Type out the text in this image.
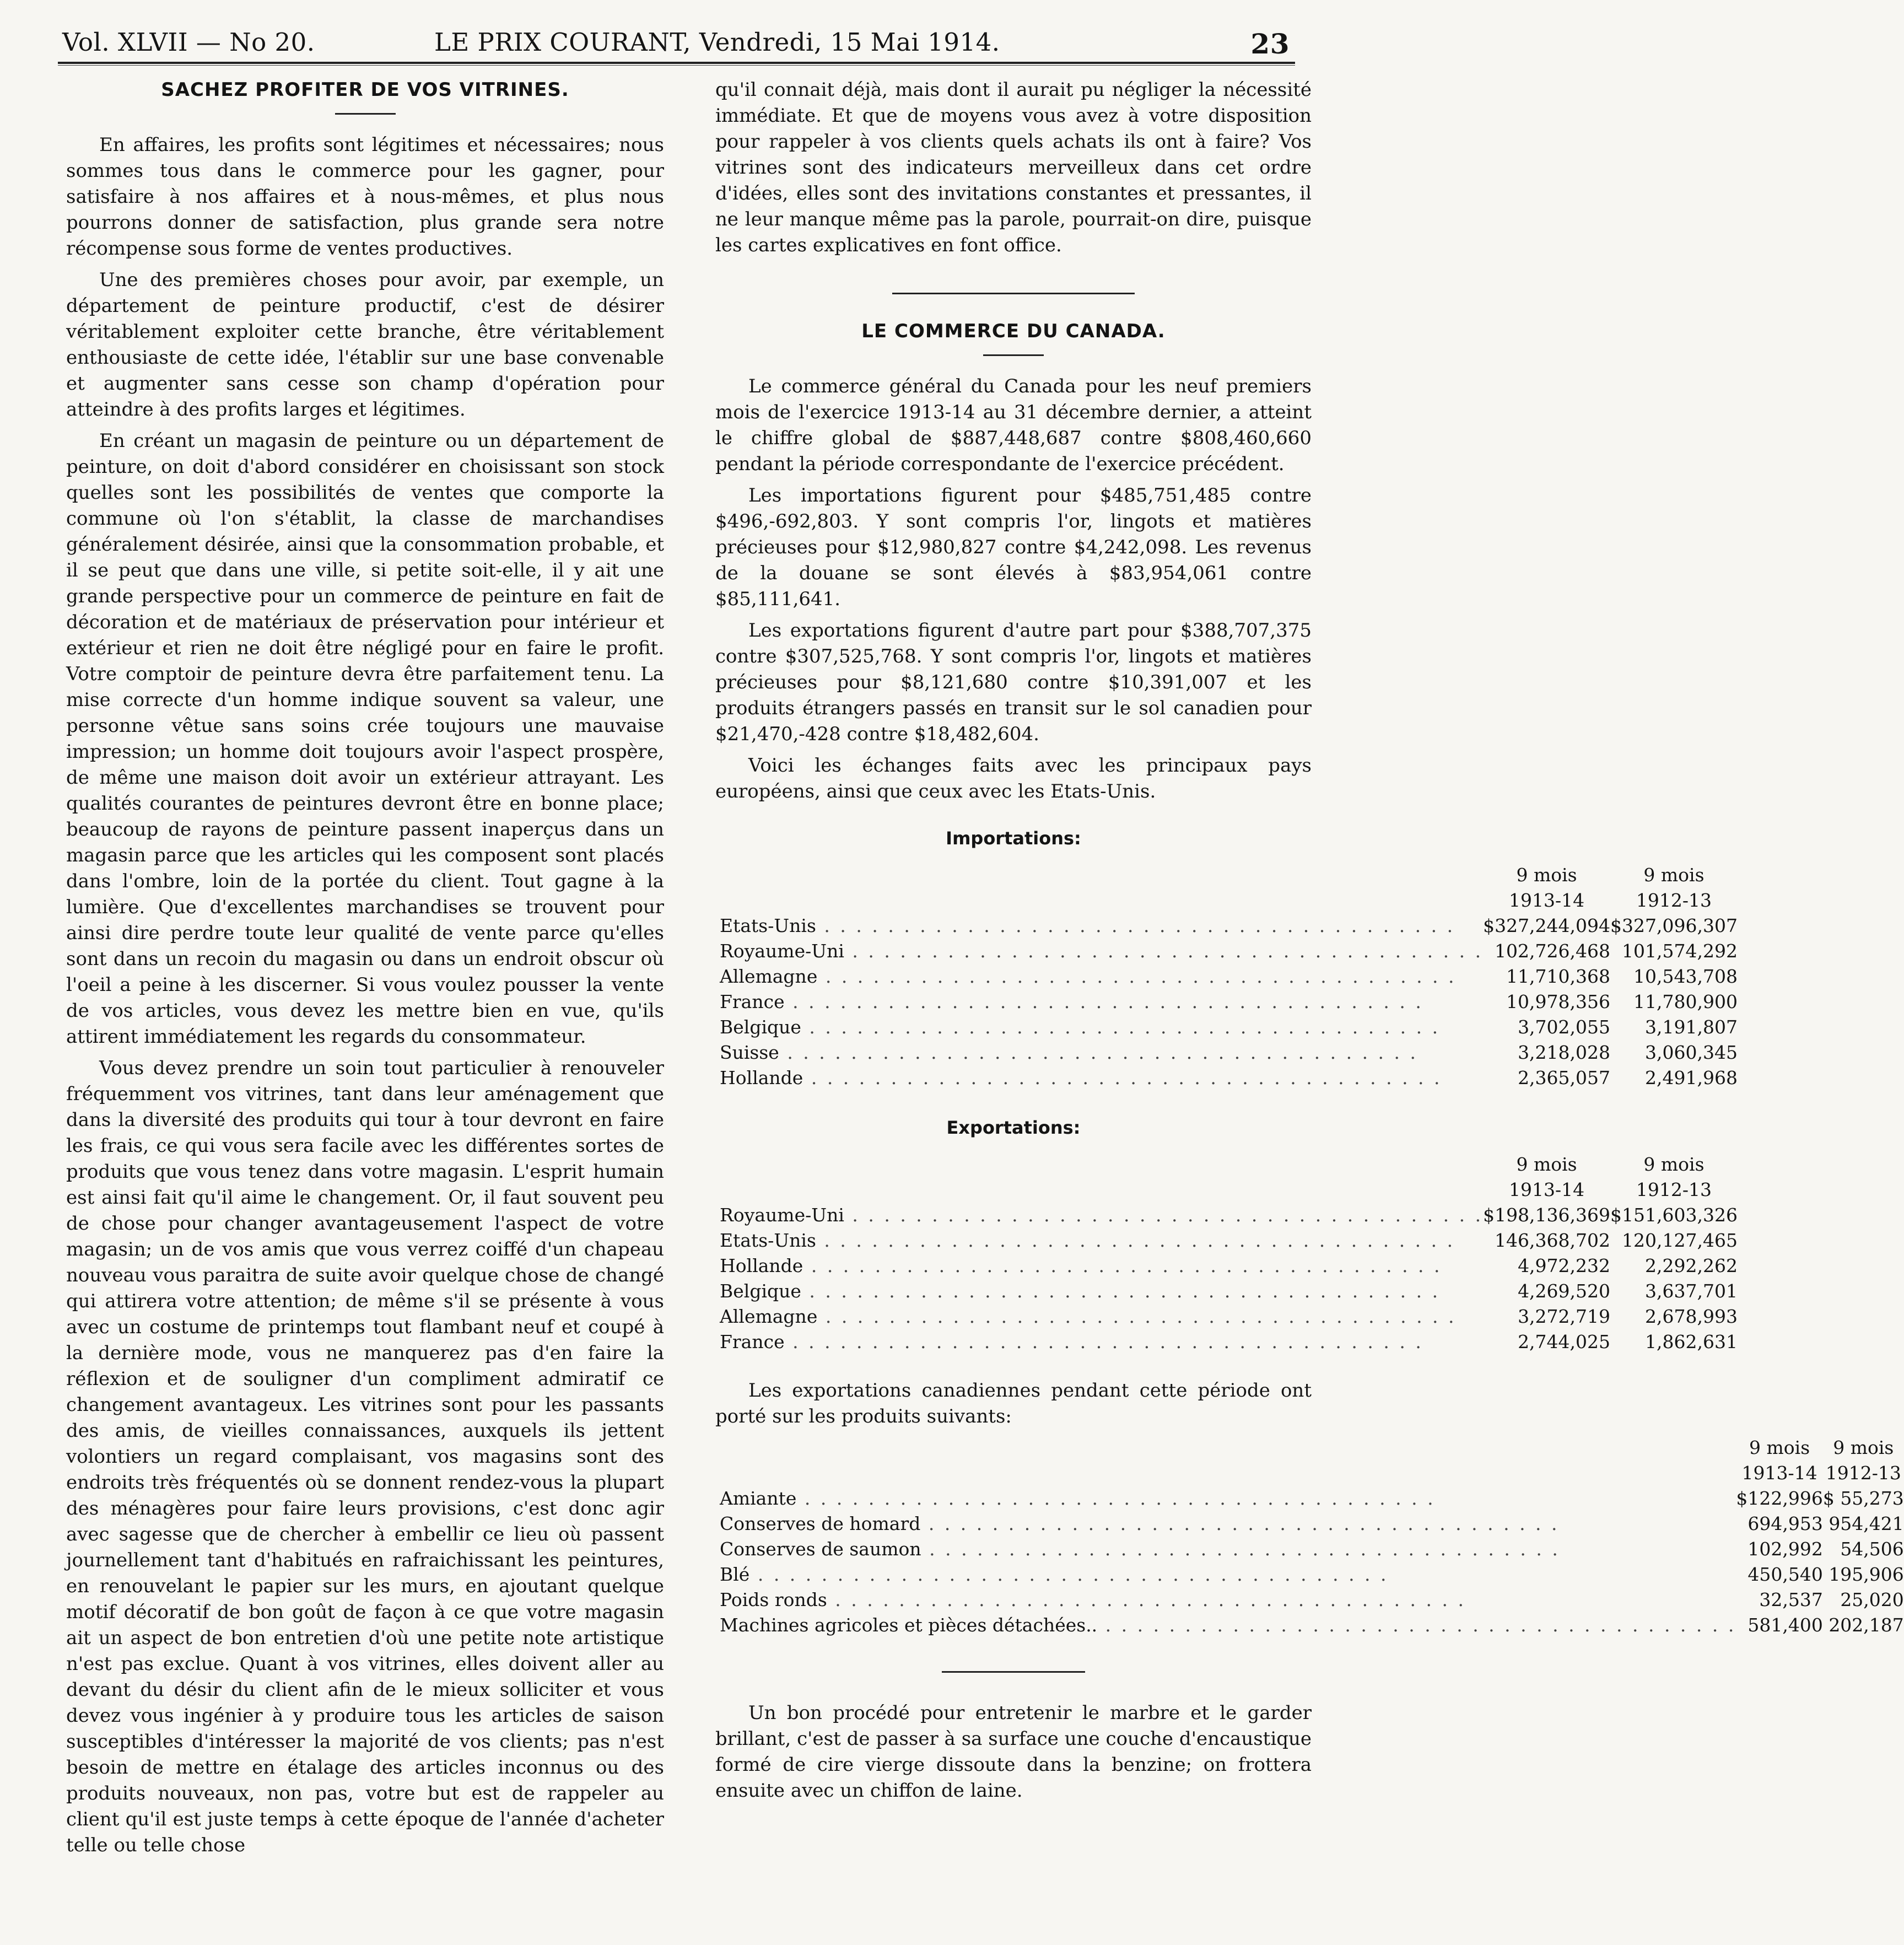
Vol. XLVII — No 20.	LE PRIX COURANT, Vendredi, 15 Mai 1914.	23
SACHEZ PROFITER DE VOS VITRINES.

En affaires, les profits sont légitimes et nécessaires; nous sommes tous dans le commerce pour les gagner, pour satisfaire à nos affaires et à nous-mêmes, et plus nous pourrons donner de satisfaction, plus grande sera notre récompense sous forme de ventes productives.

Une des premières choses pour avoir, par exemple, un département de peinture productif, c'est de désirer véritablement exploiter cette branche, être véritablement enthousiaste de cette idée, l'établir sur une base convenable et augmenter sans cesse son champ d'opération pour atteindre à des profits larges et légitimes.

En créant un magasin de peinture ou un département de peinture, on doit d'abord considérer en choisissant son stock quelles sont les possibilités de ventes que comporte la commune où l'on s'établit, la classe de marchandises généralement désirée, ainsi que la consommation probable, et il se peut que dans une ville, si petite soit-elle, il y ait une grande perspective pour un commerce de peinture en fait de décoration et de matériaux de préservation pour intérieur et extérieur et rien ne doit être négligé pour en faire le profit. Votre comptoir de peinture devra être parfaitement tenu. La mise correcte d'un homme indique souvent sa valeur, une personne vêtue sans soins crée toujours une mauvaise impression; un homme doit toujours avoir l'aspect prospère, de même une maison doit avoir un extérieur attrayant. Les qualités courantes de peintures devront être en bonne place; beaucoup de rayons de peinture passent inaperçus dans un magasin parce que les articles qui les composent sont placés dans l'ombre, loin de la portée du client. Tout gagne à la lumière. Que d'excellentes marchandises se trouvent pour ainsi dire perdre toute leur qualité de vente parce qu'elles sont dans un recoin du magasin ou dans un endroit obscur où l'oeil a peine à les discerner. Si vous voulez pousser la vente de vos articles, vous devez les mettre bien en vue, qu'ils attirent immédiatement les regards du consommateur.

Vous devez prendre un soin tout particulier à renouveler fréquemment vos vitrines, tant dans leur aménagement que dans la diversité des produits qui tour à tour devront en faire les frais, ce qui vous sera facile avec les différentes sortes de produits que vous tenez dans votre magasin. L'esprit humain est ainsi fait qu'il aime le changement. Or, il faut souvent peu de chose pour changer avantageusement l'aspect de votre magasin; un de vos amis que vous verrez coiffé d'un chapeau nouveau vous paraitra de suite avoir quelque chose de changé qui attirera votre attention; de même s'il se présente à vous avec un costume de printemps tout flambant neuf et coupé à la dernière mode, vous ne manquerez pas d'en faire la réflexion et de souligner d'un compliment admiratif ce changement avantageux. Les vitrines sont pour les passants des amis, de vieilles connaissances, auxquels ils jettent volontiers un regard complaisant, vos magasins sont des endroits très fréquentés où se donnent rendez-vous la plupart des ménagères pour faire leurs provisions, c'est donc agir avec sagesse que de chercher à embellir ce lieu où passent journellement tant d'habitués en rafraichissant les peintures, en renouvelant le papier sur les murs, en ajoutant quelque motif décoratif de bon goût de façon à ce que votre magasin ait un aspect de bon entretien d'où une petite note artistique n'est pas exclue. Quant à vos vitrines, elles doivent aller au devant du désir du client afin de le mieux solliciter et vous devez vous ingénier à y produire tous les articles de saison susceptibles d'intéresser la majorité de vos clients; pas n'est besoin de mettre en étalage des articles inconnus ou des produits nouveaux, non pas, votre but est de rappeler au client qu'il est juste temps à cette époque de l'année d'acheter telle ou telle chose

qu'il connait déjà, mais dont il aurait pu négliger la nécessité immédiate. Et que de moyens vous avez à votre disposition pour rappeler à vos clients quels achats ils ont à faire? Vos vitrines sont des indicateurs merveilleux dans cet ordre d'idées, elles sont des invitations constantes et pressantes, il ne leur manque même pas la parole, pourrait-on dire, puisque les cartes explicatives en font office.

LE COMMERCE DU CANADA.

Le commerce général du Canada pour les neuf premiers mois de l'exercice 1913-14 au 31 décembre dernier, a atteint le chiffre global de $887,448,687 contre $808,460,660 pendant la période correspondante de l'exercice précédent.

Les importations figurent pour $485,751,485 contre $496,-692,803. Y sont compris l'or, lingots et matières précieuses pour $12,980,827 contre $4,242,098. Les revenus de la douane se sont élevés à $83,954,061 contre $85,111,641.

Les exportations figurent d'autre part pour $388,707,375 contre $307,525,768. Y sont compris l'or, lingots et matières précieuses pour $8,121,680 contre $10,391,007 et les produits étrangers passés en transit sur le sol canadien pour $21,470,-428 contre $18,482,604.

Voici les échanges faits avec les principaux pays européens, ainsi que ceux avec les Etats-Unis.

Importations:
	9 mois	9 mois
	1913-14	1912-13
Etats-Unis . . . . . . . . . . . . . . . . . . . . . . . . . . . . . . . . . . . . . . . .	$327,244,094	$327,096,307
Royaume-Uni . . . . . . . . . . . . . . . . . . . . . . . . . . . . . . . . . . . . . . . .	102,726,468	101,574,292
Allemagne . . . . . . . . . . . . . . . . . . . . . . . . . . . . . . . . . . . . . . . .	11,710,368	10,543,708
France . . . . . . . . . . . . . . . . . . . . . . . . . . . . . . . . . . . . . . . .	10,978,356	11,780,900
Belgique . . . . . . . . . . . . . . . . . . . . . . . . . . . . . . . . . . . . . . . .	3,702,055	3,191,807
Suisse . . . . . . . . . . . . . . . . . . . . . . . . . . . . . . . . . . . . . . . .	3,218,028	3,060,345
Hollande . . . . . . . . . . . . . . . . . . . . . . . . . . . . . . . . . . . . . . . .	2,365,057	2,491,968
Exportations:
	9 mois	9 mois
	1913-14	1912-13
Royaume-Uni . . . . . . . . . . . . . . . . . . . . . . . . . . . . . . . . . . . . . . . .	$198,136,369	$151,603,326
Etats-Unis . . . . . . . . . . . . . . . . . . . . . . . . . . . . . . . . . . . . . . . .	146,368,702	120,127,465
Hollande . . . . . . . . . . . . . . . . . . . . . . . . . . . . . . . . . . . . . . . .	4,972,232	2,292,262
Belgique . . . . . . . . . . . . . . . . . . . . . . . . . . . . . . . . . . . . . . . .	4,269,520	3,637,701
Allemagne . . . . . . . . . . . . . . . . . . . . . . . . . . . . . . . . . . . . . . . .	3,272,719	2,678,993
France . . . . . . . . . . . . . . . . . . . . . . . . . . . . . . . . . . . . . . . .	2,744,025	1,862,631

Les exportations canadiennes pendant cette période ont porté sur les produits suivants:

	9 mois	9 mois
	1913-14	1912-13
Amiante . . . . . . . . . . . . . . . . . . . . . . . . . . . . . . . . . . . . . . . .	$122,996	$ 55,273
Conserves de homard . . . . . . . . . . . . . . . . . . . . . . . . . . . . . . . . . . . . . . . .	694,953	954,421
Conserves de saumon . . . . . . . . . . . . . . . . . . . . . . . . . . . . . . . . . . . . . . . .	102,992	54,506
Blé . . . . . . . . . . . . . . . . . . . . . . . . . . . . . . . . . . . . . . . .	450,540	195,906
Poids ronds . . . . . . . . . . . . . . . . . . . . . . . . . . . . . . . . . . . . . . . .	32,537	25,020
Machines agricoles et pièces détachées.. . . . . . . . . . . . . . . . . . . . . . . . . . . . . . . . . . . . . . . . .	581,400	202,187

Un bon procédé pour entretenir le marbre et le garder brillant, c'est de passer à sa surface une couche d'encaustique formé de cire vierge dissoute dans la benzine; on frottera ensuite avec un chiffon de laine.
